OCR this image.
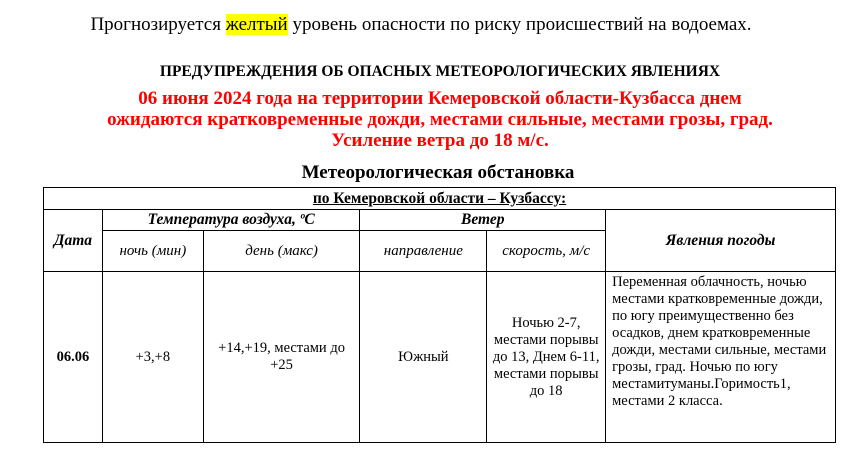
Прогнозируется желтый уровень опасности по риску происшествий на водоемах.
ПРЕДУПРЕЖДЕНИЯ ОБ ОПАСНЫХ МЕТЕОРОЛОГИЧЕСКИХ ЯВЛЕНИЯХ
06 июня 2024 года на территории Кемеровской области-Кузбасса днем
ожидаются кратковременные дожди, местами сильные, местами грозы, град.
Усиление ветра до 18 м/с.
Метеорологическая обстановка
по Кемеровской области – Кузбассу:					
Дата	Температура воздуха, ºС		Ветер		Явления погоды
	ночь (мин)	день (макс)	направление	скорость, м/с	
06.06	+3,+8	+14,+19, местами до +25	Южный	Ночью 2-7, местами порывы до 13, Днем 6-11, местами порывы до 18	Переменная облачность, ночью местами кратковременные дожди, по югу преимущественно без осадков, днем кратковременные дожди, местами сильные, местами грозы, град. Ночью по югу местамитуманы.Горимость1, местами 2 класса.
